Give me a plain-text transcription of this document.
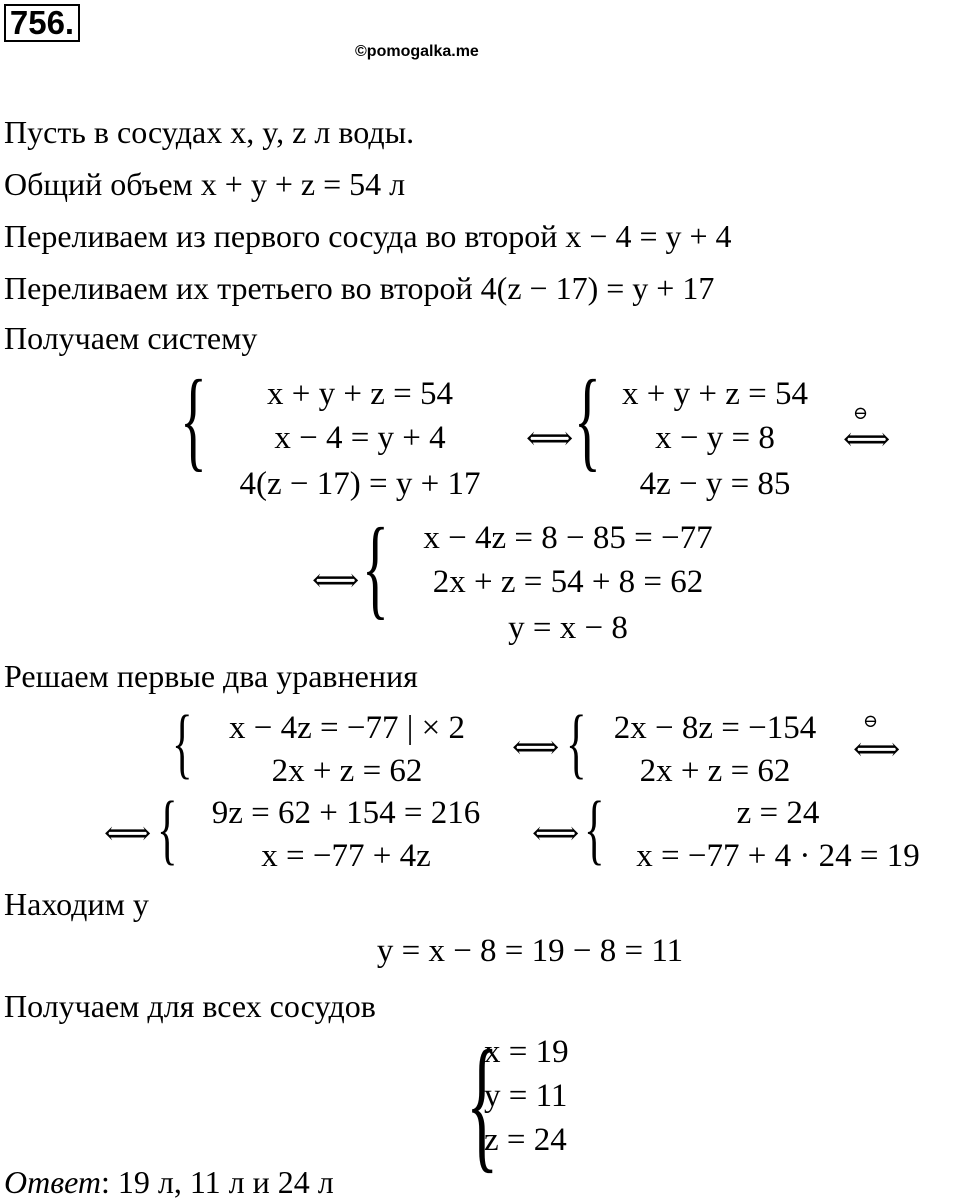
756.
©pomogalka.me
Пусть в сосудах x, y, z л воды.
Общий объем x + y + z = 54 л
Переливаем из первого сосуда во второй x − 4 = y + 4
Переливаем их третьего во второй 4(z − 17) = y + 17
Получаем систему
{	x + y + z = 54
x − 4 = y + 4
4(z − 17) = y + 17
⟺ { x + y + z = 54
x − y = 8
4z − y = 85
⊖
⟺
⟺ {	x − 4z = 8 − 85 = −77
2x + z = 54 + 8 = 62
y = x − 8
Решаем первые два уравнения
{	x − 4z = −77 | × 2
2x + z = 62
⟺ { 2x − 8z = −154
2x + z = 62
⊖
⟺
⟺ {	9z = 62 + 154 = 216
x = −77 + 4z
⟺ {	z = 24
x = −77 + 4 · 24 = 19
Находим y
y = x − 8 = 19 − 8 = 11
Получаем для всех сосудов
{
x = 19
y = 11
z = 24
Ответ: 19 л, 11 л и 24 л
